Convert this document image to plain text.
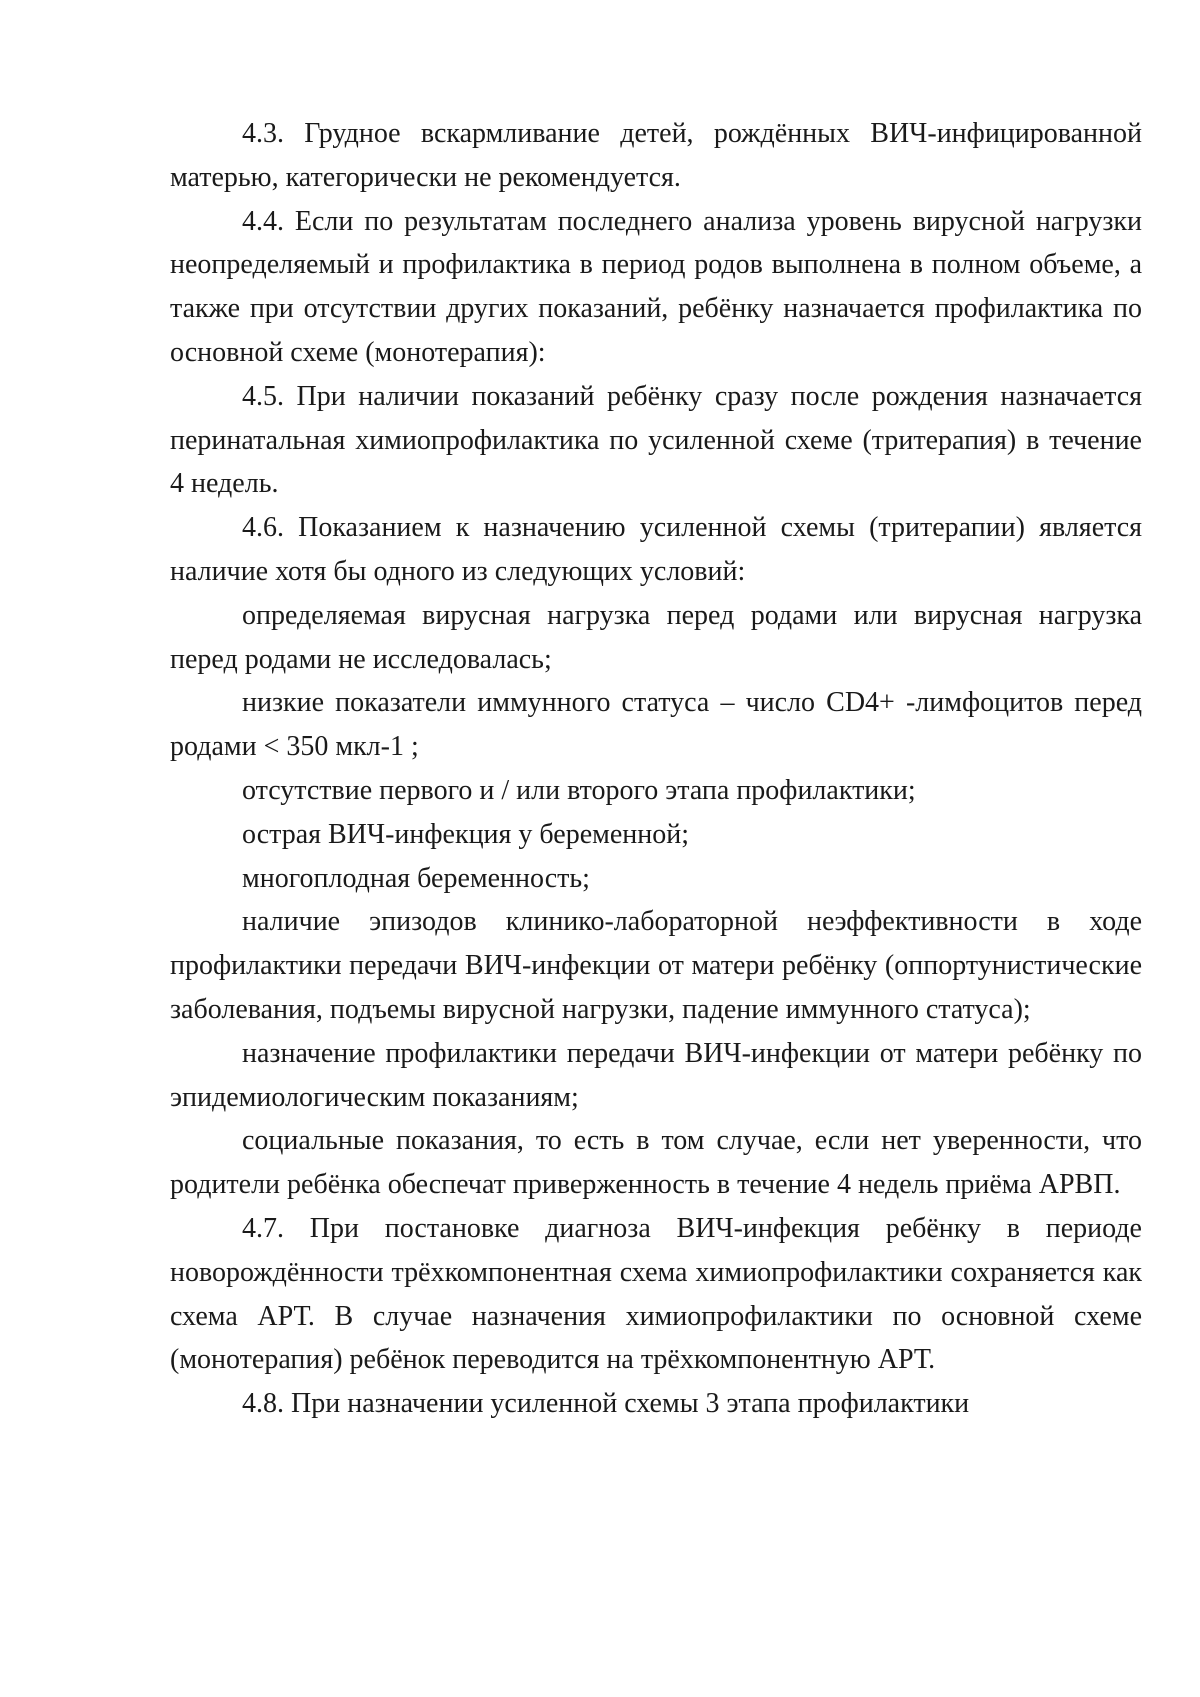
4.3. Грудное вскармливание детей, рождённых ВИЧ-инфицированной матерью, категорически не рекомендуется.

4.4. Если по результатам последнего анализа уровень вирусной нагрузки неопределяемый и профилактика в период родов выполнена в полном объеме, а также при отсутствии других показаний, ребёнку назначается профилактика по основной схеме (монотерапия):

4.5. При наличии показаний ребёнку сразу после рождения назначается перинатальная химиопрофилактика по усиленной схеме (тритерапия) в течение 4 недель.

4.6. Показанием к назначению усиленной схемы (тритерапии) является наличие хотя бы одного из следующих условий:

определяемая вирусная нагрузка перед родами или вирусная нагрузка перед родами не исследовалась;

низкие показатели иммунного статуса – число CD4+ -лимфоцитов перед родами < 350 мкл-1 ;

отсутствие первого и / или второго этапа профилактики;

острая ВИЧ-инфекция у беременной;

многоплодная беременность;

наличие эпизодов клинико-лабораторной неэффективности в ходе профилактики передачи ВИЧ-инфекции от матери ребёнку (оппортунистические заболевания, подъемы вирусной нагрузки, падение иммунного статуса);

назначение профилактики передачи ВИЧ-инфекции от матери ребёнку по эпидемиологическим показаниям;

социальные показания, то есть в том случае, если нет уверенности, что родители ребёнка обеспечат приверженность в течение 4 недель приёма АРВП.

4.7. При постановке диагноза ВИЧ-инфекция ребёнку в периоде новорождённости трёхкомпонентная схема химиопрофилактики сохраняется как схема АРТ. В случае назначения химиопрофилактики по основной схеме (монотерапия) ребёнок переводится на трёхкомпонентную АРТ.

4.8. При назначении усиленной схемы 3 этапа профилактики
